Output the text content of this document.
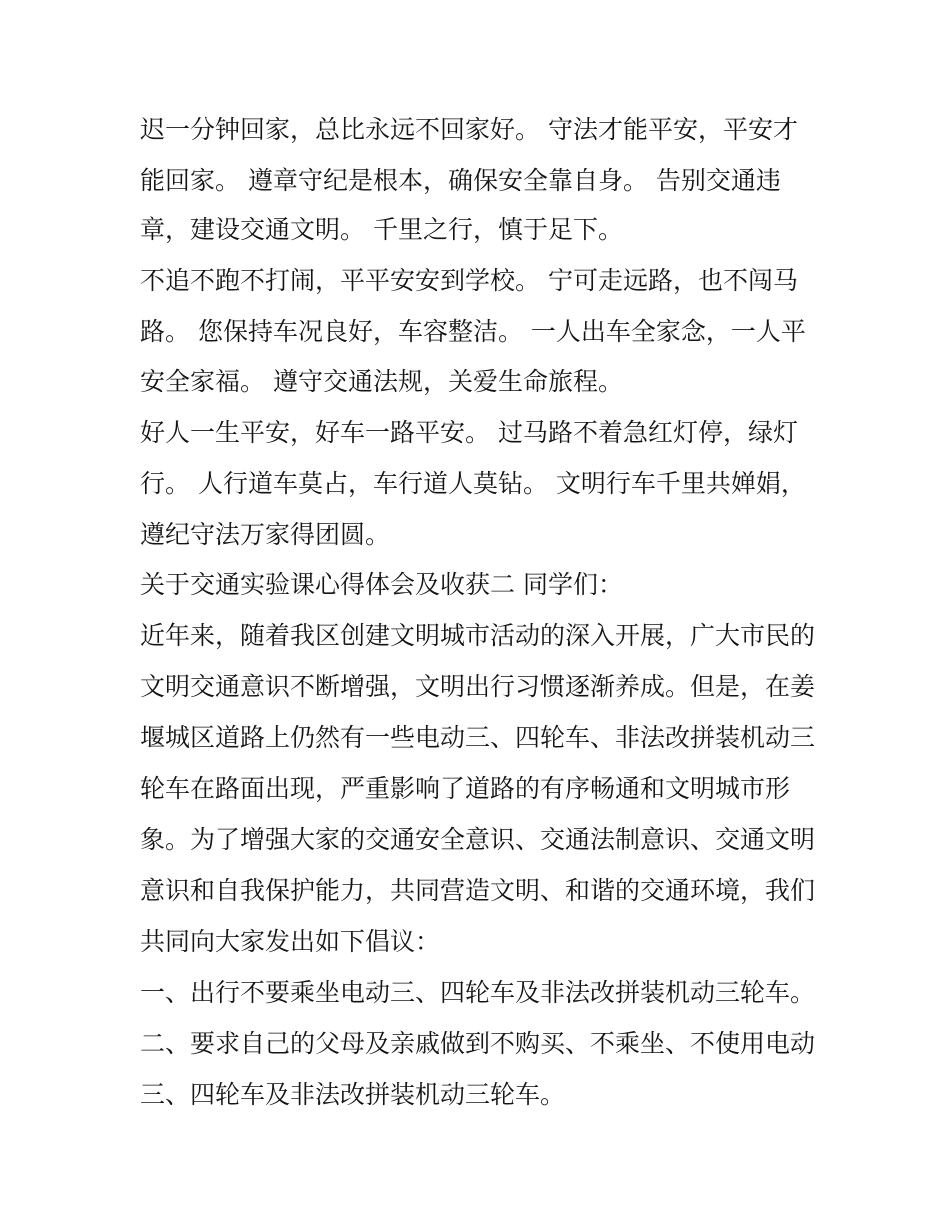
迟一分钟回家，总比永远不回家好。 守法才能平安，平安才
能回家。 遵章守纪是根本，确保安全靠自身。 告别交通违
章，建设交通文明。 千里之行，慎于足下。
不追不跑不打闹，平平安安到学校。 宁可走远路，也不闯马
路。 您保持车况良好，车容整洁。 一人出车全家念，一人平
安全家福。 遵守交通法规，关爱生命旅程。
好人一生平安，好车一路平安。 过马路不着急红灯停，绿灯
行。 人行道车莫占，车行道人莫钻。 文明行车千里共婵娟，
遵纪守法万家得团圆。
关于交通实验课心得体会及收获二 同学们：
近年来，随着我区创建文明城市活动的深入开展，广大市民的
文明交通意识不断增强，文明出行习惯逐渐养成。但是，在姜
堰城区道路上仍然有一些电动三、四轮车、非法改拼装机动三
轮车在路面出现，严重影响了道路的有序畅通和文明城市形
象。为了增强大家的交通安全意识、交通法制意识、交通文明
意识和自我保护能力，共同营造文明、和谐的交通环境，我们
共同向大家发出如下倡议：
一、出行不要乘坐电动三、四轮车及非法改拼装机动三轮车。
二、要求自己的父母及亲戚做到不购买、不乘坐、不使用电动
三、四轮车及非法改拼装机动三轮车。
